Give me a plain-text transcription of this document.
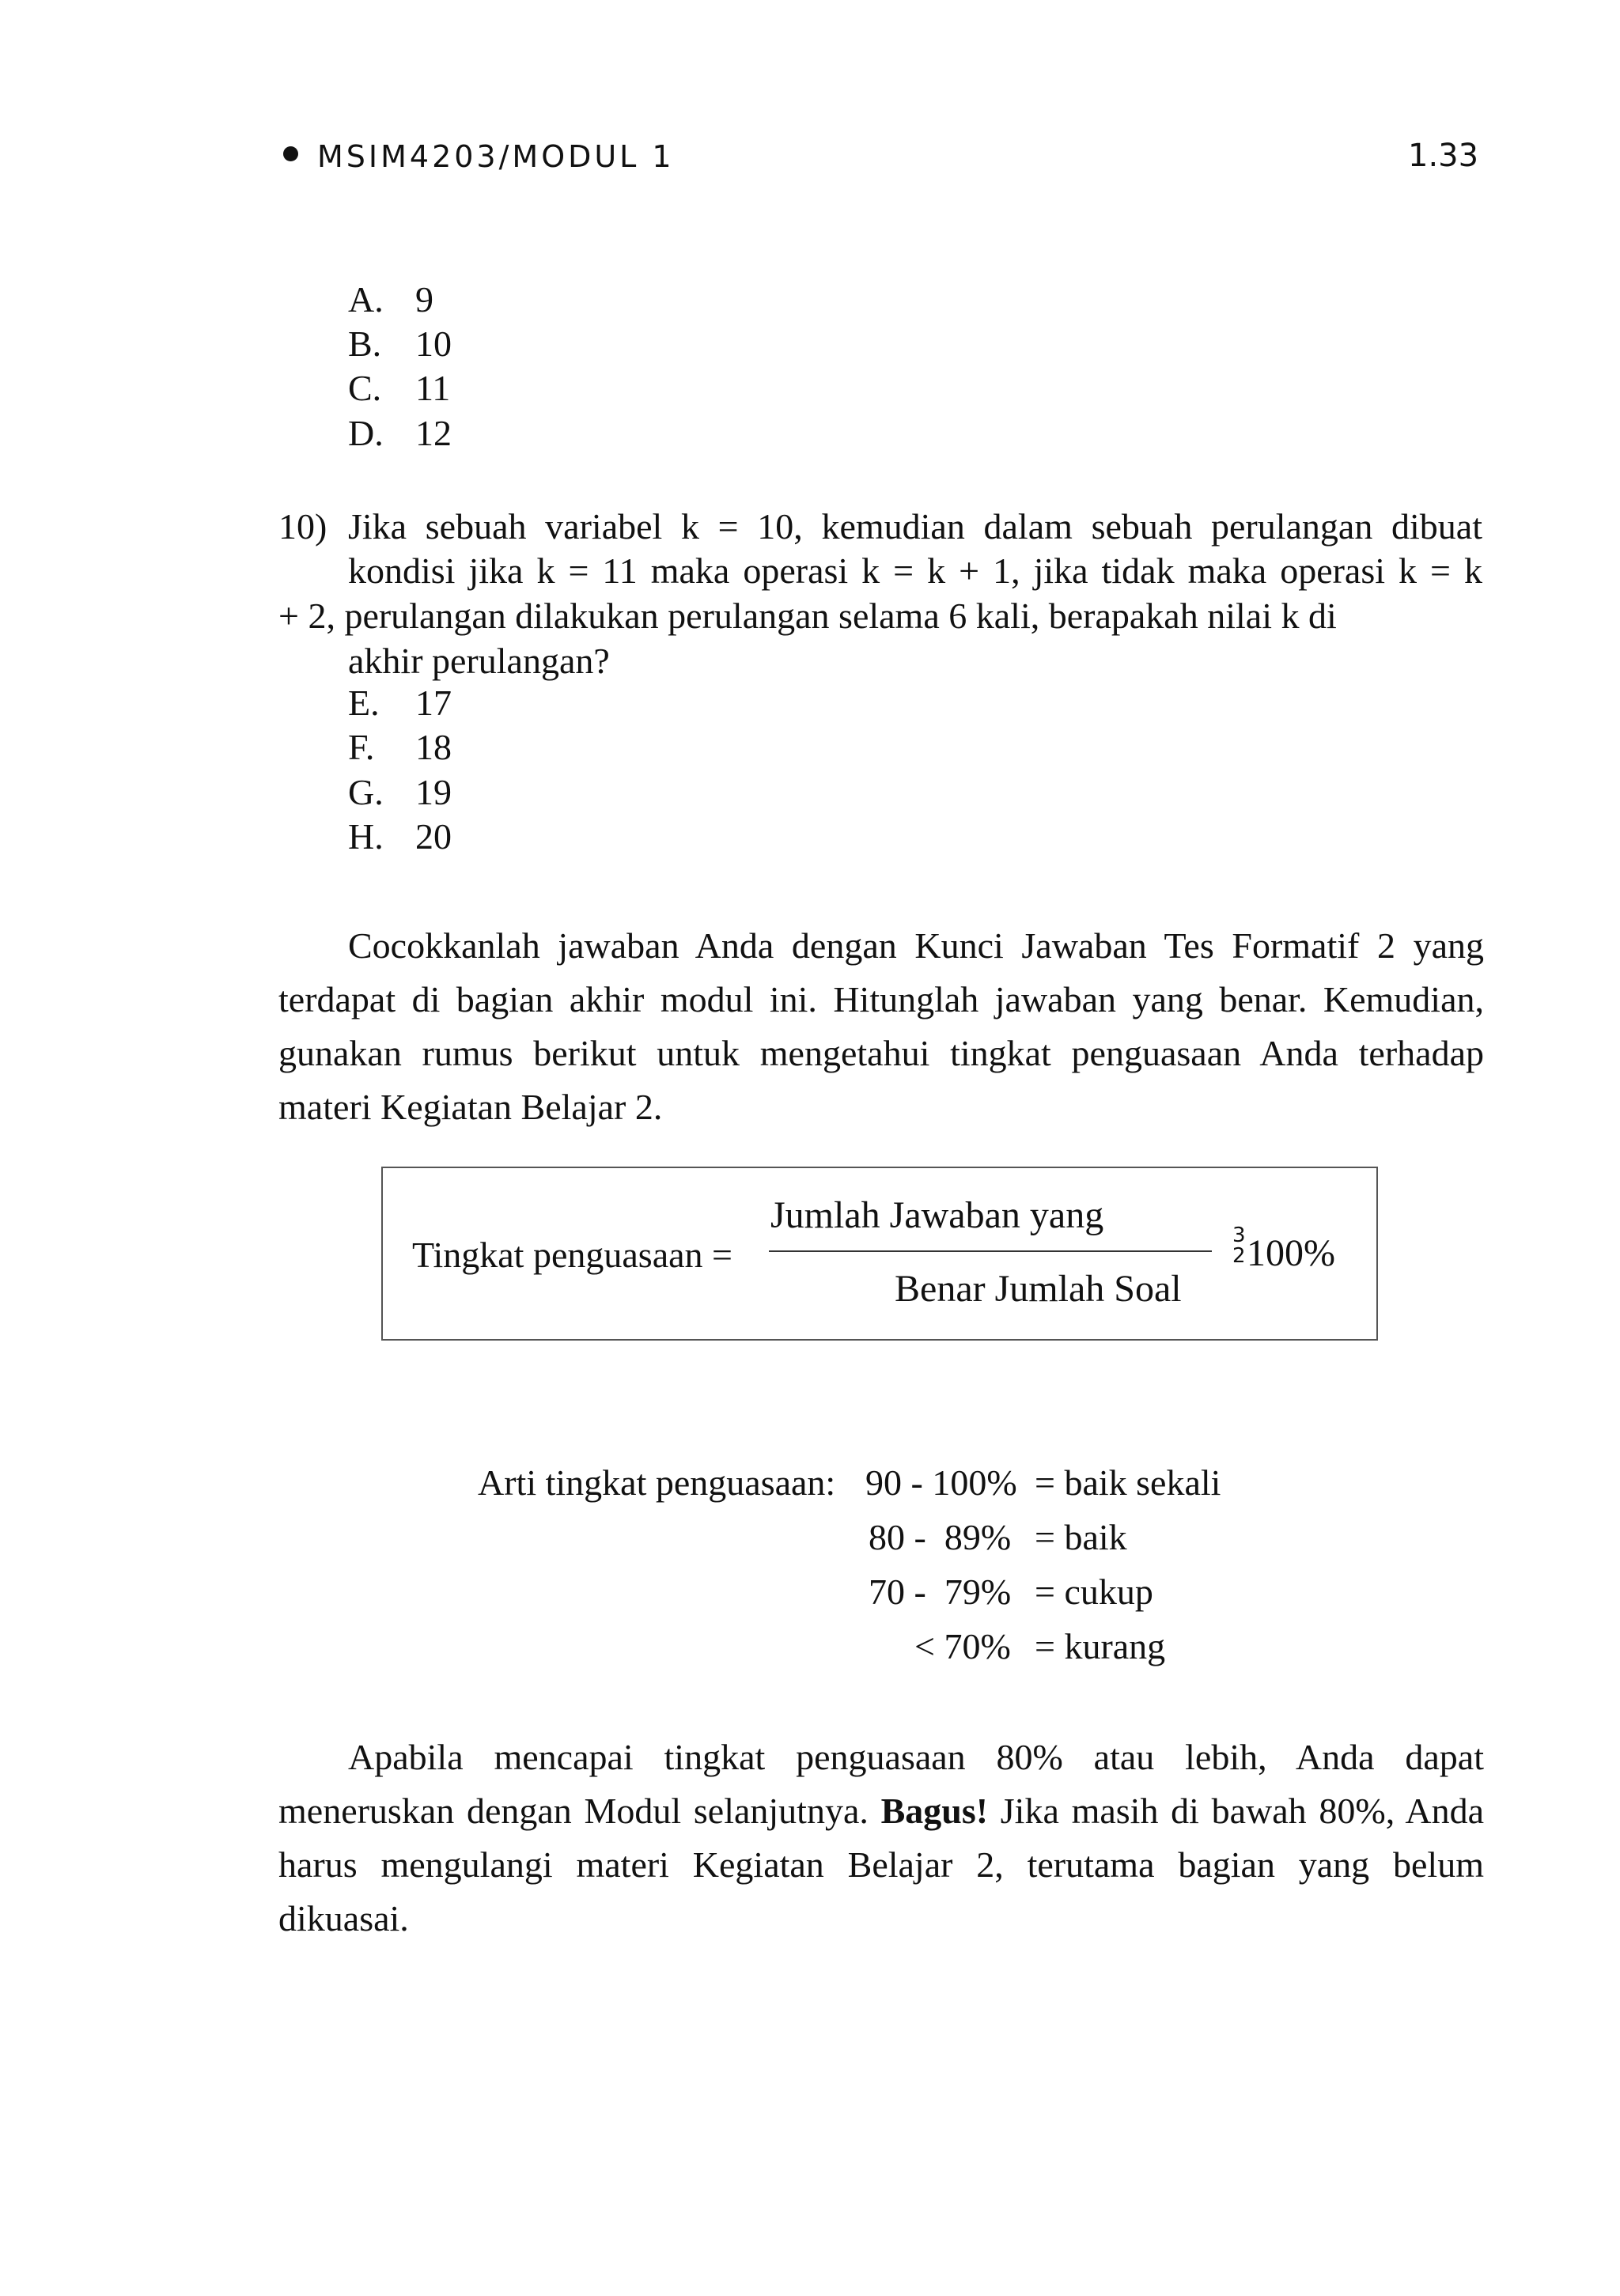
MSIM4203/MODUL 1	1.33
A. 9
B. 10
C. 11
D. 12
10) Jika sebuah variabel k = 10, kemudian dalam sebuah perulangan dibuat
kondisi jika k = 11 maka operasi k = k + 1, jika tidak maka operasi k = k
+ 2, perulangan dilakukan perulangan selama 6 kali, berapakah nilai k di
akhir perulangan?
E. 17
F. 18
G. 19
H. 20
Cocokkanlah jawaban Anda dengan Kunci Jawaban Tes Formatif 2 yang terdapat di bagian akhir modul ini. Hitunglah jawaban yang benar. Kemudian, gunakan rumus berikut untuk mengetahui tingkat penguasaan Anda terhadap materi Kegiatan Belajar 2.
Tingkat penguasaan =
Jumlah Jawaban yang
Benar Jumlah Soal
3
2 100%
Arti tingkat penguasaan: 90 - 100% = baik sekali
80 -  89% = baik
70 -  79% = cukup
< 70% = kurang
Apabila mencapai tingkat penguasaan 80% atau lebih, Anda dapat meneruskan dengan Modul selanjutnya. Bagus! Jika masih di bawah 80%, Anda harus mengulangi materi Kegiatan Belajar 2, terutama bagian yang belum dikuasai.
